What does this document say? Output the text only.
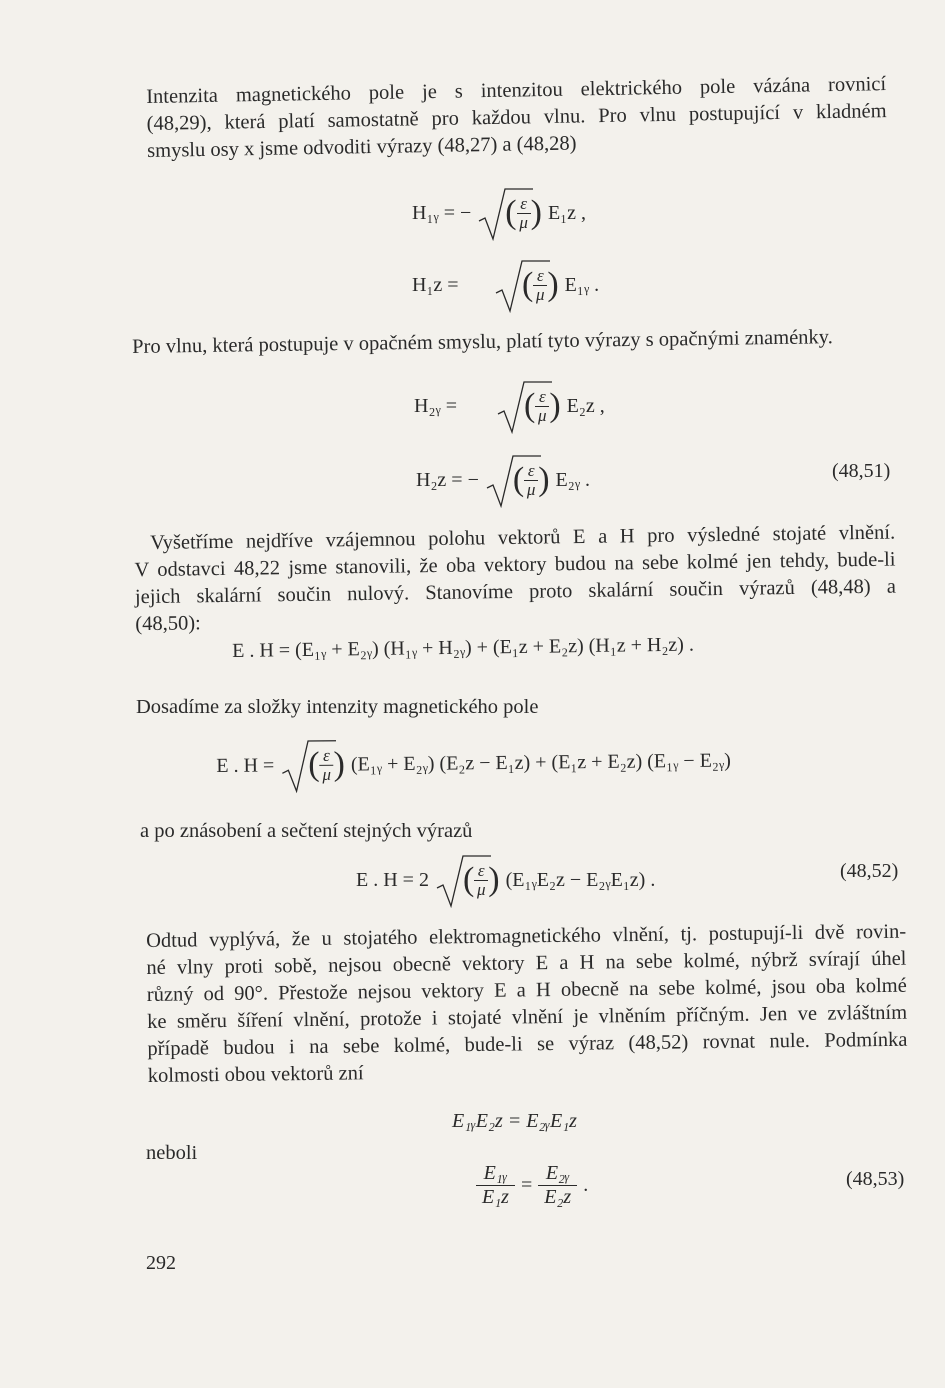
Intenzita magnetického pole je s intenzitou elektrického pole vázána rovnicí
(48,29), která platí samostatně pro každou vlnu. Pro vlnu postupující v kladném
smyslu osy x jsme odvoditi výrazy (48,27) a (48,28)
H₁ᵧ = − ( $\frac{\varepsilon}{\mu}$ ) E₁z ,
H₁z =	( $\frac{\varepsilon}{\mu}$ ) E₁ᵧ .
Pro vlnu, která postupuje v opačném smyslu, platí tyto výrazy s opačnými znaménky.
H₂ᵧ =	( $\frac{\varepsilon}{\mu}$ ) E₂z ,
H₂z = − ( $\frac{\varepsilon}{\mu}$ ) E₂ᵧ .	(48,51)
Vyšetříme nejdříve vzájemnou polohu vektorů E a H pro výsledné stojaté vlnění.
V odstavci 48,22 jsme stanovili, že oba vektory budou na sebe kolmé jen tehdy, bude-li
jejich skalární součin nulový. Stanovíme proto skalární součin výrazů (48,48) a
(48,50):
E . H = (E₁ᵧ + E₂ᵧ) (H₁ᵧ + H₂ᵧ) + (E₁z + E₂z) (H₁z + H₂z) .
Dosadíme za složky intenzity magnetického pole
E . H = ( $\frac{\varepsilon}{\mu}$ ) (E₁ᵧ + E₂ᵧ) (E₂z − E₁z) + (E₁z + E₂z) (E₁ᵧ − E₂ᵧ)
a po znásobení a sečtení stejných výrazů
E . H = 2 ( $\frac{\varepsilon}{\mu}$ ) (E₁ᵧE₂z − E₂ᵧE₁z) .	(48,52)
Odtud vyplývá, že u stojatého elektromagnetického vlnění, tj. postupují-li dvě rovin-
né vlny proti sobě, nejsou obecně vektory E a H na sebe kolmé, nýbrž svírají úhel
různý od 90°. Přestože nejsou vektory E a H obecně na sebe kolmé, jsou oba kolmé
ke směru šíření vlnění, protože i stojaté vlnění je vlněním příčným. Jen ve zvláštním
případě budou i na sebe kolmé, bude-li se výraz (48,52) rovnat nule. Podmínka
kolmosti obou vektorů zní
E₁ᵧE₂z = E₂ᵧE₁z
neboli
E₁ᵧ
E₁z
=
E₂ᵧ
E₂z
.	(48,53)
292
